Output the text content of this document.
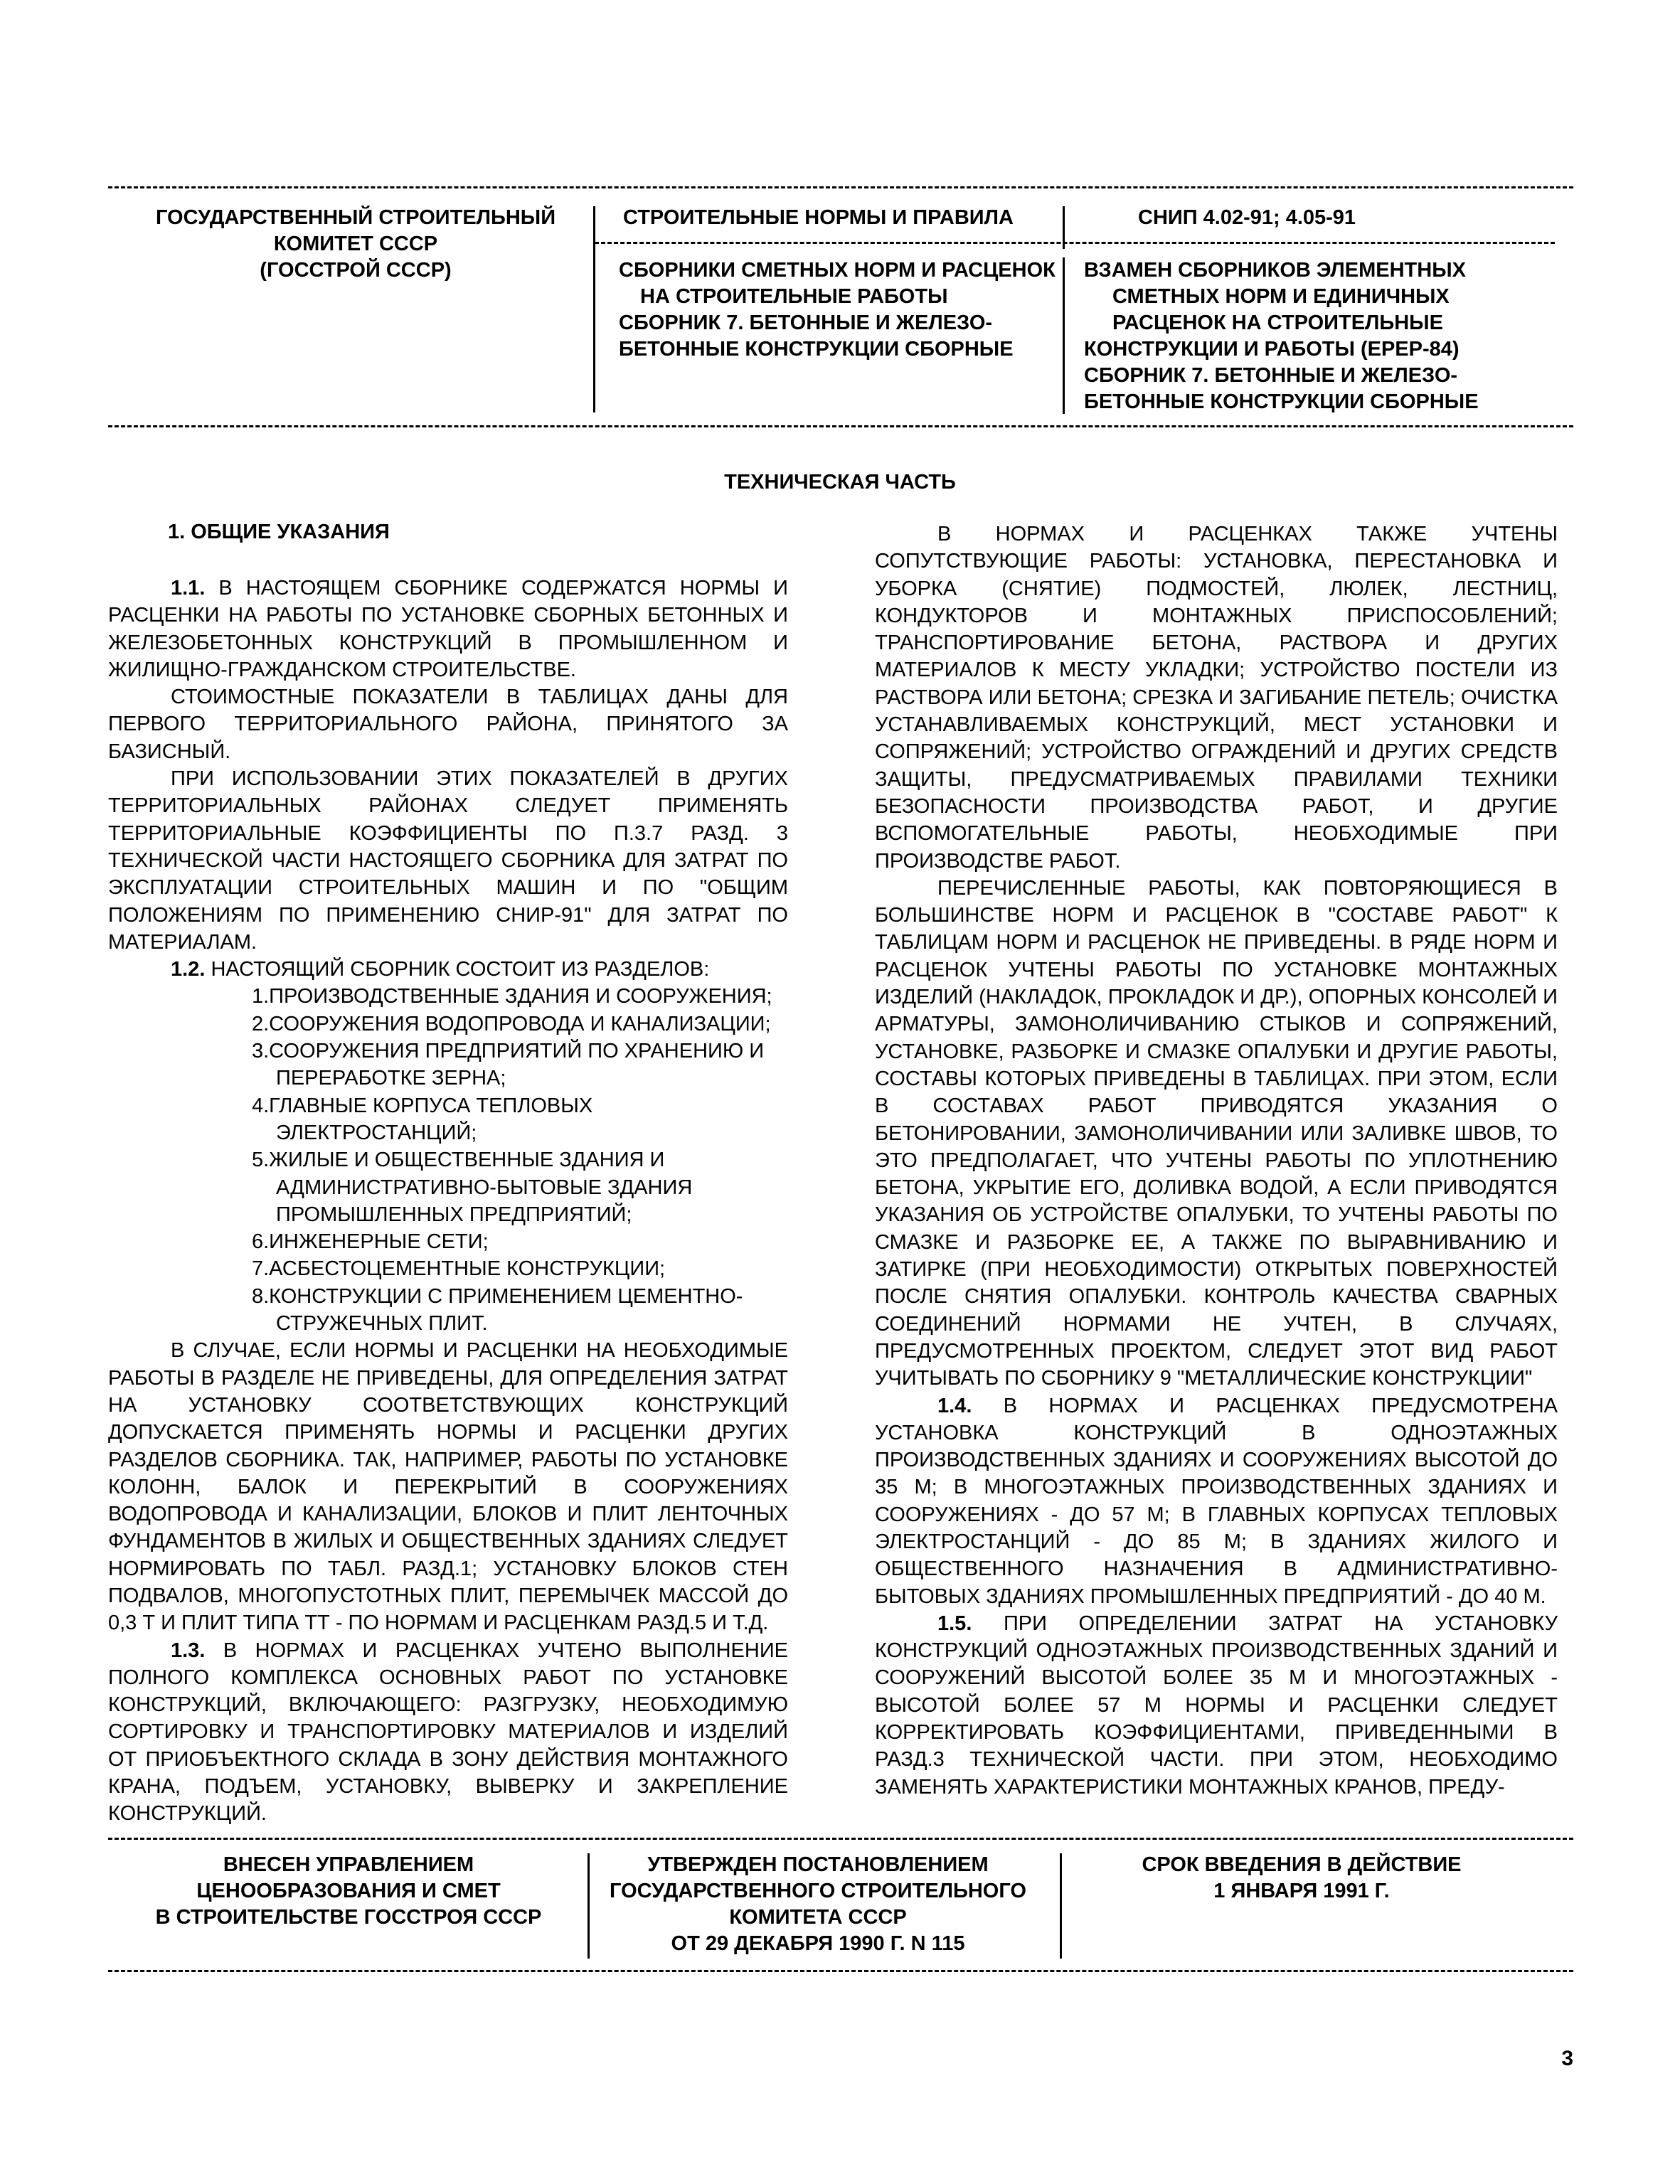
ГОСУДАРСТВЕННЫЙ СТРОИТЕЛЬНЫЙ
КОМИТЕТ СССР
(ГОССТРОЙ СССР)
СТРОИТЕЛЬНЫЕ НОРМЫ И ПРАВИЛА	СНИП 4.02-91; 4.05-91
СБОРНИКИ СМЕТНЫХ НОРМ И РАСЦЕНОК
НА СТРОИТЕЛЬНЫЕ РАБОТЫ
СБОРНИК 7. БЕТОННЫЕ И ЖЕЛЕЗО-
БЕТОННЫЕ КОНСТРУКЦИИ СБОРНЫЕ
ВЗАМЕН СБОРНИКОВ ЭЛЕМЕНТНЫХ
СМЕТНЫХ НОРМ И ЕДИНИЧНЫХ
РАСЦЕНОК НА СТРОИТЕЛЬНЫЕ
КОНСТРУКЦИИ И РАБОТЫ (ЕРЕР-84)
СБОРНИК 7. БЕТОННЫЕ И ЖЕЛЕЗО-
БЕТОННЫЕ КОНСТРУКЦИИ СБОРНЫЕ
ТЕХНИЧЕСКАЯ ЧАСТЬ
1. ОБЩИЕ УКАЗАНИЯ

1.1. В НАСТОЯЩЕМ СБОРНИКЕ СОДЕРЖАТСЯ НОРМЫ И РАСЦЕНКИ НА РАБОТЫ ПО УСТАНОВКЕ СБОРНЫХ БЕТОННЫХ И ЖЕЛЕЗОБЕТОННЫХ КОНСТРУКЦИЙ В ПРОМЫШЛЕННОМ И ЖИЛИЩНО-ГРАЖДАНСКОМ СТРОИТЕЛЬСТВЕ.

СТОИМОСТНЫЕ ПОКАЗАТЕЛИ В ТАБЛИЦАХ ДАНЫ ДЛЯ ПЕРВОГО ТЕРРИТОРИАЛЬНОГО РАЙОНА, ПРИНЯТОГО ЗА БАЗИСНЫЙ.

ПРИ ИСПОЛЬЗОВАНИИ ЭТИХ ПОКАЗАТЕЛЕЙ В ДРУГИХ ТЕРРИТОРИАЛЬНЫХ РАЙОНАХ СЛЕДУЕТ ПРИМЕНЯТЬ ТЕРРИТОРИАЛЬНЫЕ КОЭФФИЦИЕНТЫ ПО П.3.7 РАЗД. 3 ТЕХНИЧЕСКОЙ ЧАСТИ НАСТОЯЩЕГО СБОРНИКА ДЛЯ ЗАТРАТ ПО ЭКСПЛУАТАЦИИ СТРОИТЕЛЬНЫХ МАШИН И ПО "ОБЩИМ ПОЛОЖЕНИЯМ ПО ПРИМЕНЕНИЮ СНИР-91" ДЛЯ ЗАТРАТ ПО МАТЕРИАЛАМ.

1.2. НАСТОЯЩИЙ СБОРНИК СОСТОИТ ИЗ РАЗДЕЛОВ:

1.ПРОИЗВОДСТВЕННЫЕ ЗДАНИЯ И СООРУЖЕНИЯ;

2.СООРУЖЕНИЯ ВОДОПРОВОДА И КАНАЛИЗАЦИИ;

3.СООРУЖЕНИЯ ПРЕДПРИЯТИЙ ПО ХРАНЕНИЮ И ПЕРЕРАБОТКЕ ЗЕРНА;

4.ГЛАВНЫЕ КОРПУСА ТЕПЛОВЫХ ЭЛЕКТРОСТАНЦИЙ;

5.ЖИЛЫЕ И ОБЩЕСТВЕННЫЕ ЗДАНИЯ И АДМИНИСТРАТИВНО-БЫТОВЫЕ ЗДАНИЯ ПРОМЫШЛЕННЫХ ПРЕДПРИЯТИЙ;

6.ИНЖЕНЕРНЫЕ СЕТИ;

7.АСБЕСТОЦЕМЕНТНЫЕ КОНСТРУКЦИИ;

8.КОНСТРУКЦИИ С ПРИМЕНЕНИЕМ ЦЕМЕНТНО-СТРУЖЕЧНЫХ ПЛИТ.

В СЛУЧАЕ, ЕСЛИ НОРМЫ И РАСЦЕНКИ НА НЕОБХОДИМЫЕ РАБОТЫ В РАЗДЕЛЕ НЕ ПРИВЕДЕНЫ, ДЛЯ ОПРЕДЕЛЕНИЯ ЗАТРАТ НА УСТАНОВКУ СООТВЕТСТВУЮЩИХ КОНСТРУКЦИЙ ДОПУСКАЕТСЯ ПРИМЕНЯТЬ НОРМЫ И РАСЦЕНКИ ДРУГИХ РАЗДЕЛОВ СБОРНИКА. ТАК, НАПРИМЕР, РАБОТЫ ПО УСТАНОВКЕ КОЛОНН, БАЛОК И ПЕРЕКРЫТИЙ В СООРУЖЕНИЯХ ВОДОПРОВОДА И КАНАЛИЗАЦИИ, БЛОКОВ И ПЛИТ ЛЕНТОЧНЫХ ФУНДАМЕНТОВ В ЖИЛЫХ И ОБЩЕСТВЕННЫХ ЗДАНИЯХ СЛЕДУЕТ НОРМИРОВАТЬ ПО ТАБЛ. РАЗД.1; УСТАНОВКУ БЛОКОВ СТЕН ПОДВАЛОВ, МНОГОПУСТОТНЫХ ПЛИТ, ПЕРЕМЫЧЕК МАССОЙ ДО 0,3 Т И ПЛИТ ТИПА ТТ - ПО НОРМАМ И РАСЦЕНКАМ РАЗД.5 И Т.Д.

1.3. В НОРМАХ И РАСЦЕНКАХ УЧТЕНО ВЫПОЛНЕНИЕ ПОЛНОГО КОМПЛЕКСА ОСНОВНЫХ РАБОТ ПО УСТАНОВКЕ КОНСТРУКЦИЙ, ВКЛЮЧАЮЩЕГО: РАЗГРУЗКУ, НЕОБХОДИМУЮ СОРТИРОВКУ И ТРАНСПОРТИРОВКУ МАТЕРИАЛОВ И ИЗДЕЛИЙ ОТ ПРИОБЪЕКТНОГО СКЛАДА В ЗОНУ ДЕЙСТВИЯ МОНТАЖНОГО КРАНА, ПОДЪЕМ, УСТАНОВКУ, ВЫВЕРКУ И ЗАКРЕПЛЕНИЕ КОНСТРУКЦИЙ.

В НОРМАХ И РАСЦЕНКАХ ТАКЖЕ УЧТЕНЫ СОПУТСТВУЮЩИЕ РАБОТЫ: УСТАНОВКА, ПЕРЕСТАНОВКА И УБОРКА (СНЯТИЕ) ПОДМОСТЕЙ, ЛЮЛЕК, ЛЕСТНИЦ, КОНДУКТОРОВ И МОНТАЖНЫХ ПРИСПОСОБЛЕНИЙ; ТРАНСПОРТИРОВАНИЕ БЕТОНА, РАСТВОРА И ДРУГИХ МАТЕРИАЛОВ К МЕСТУ УКЛАДКИ; УСТРОЙСТВО ПОСТЕЛИ ИЗ РАСТВОРА ИЛИ БЕТОНА; СРЕЗКА И ЗАГИБАНИЕ ПЕТЕЛЬ; ОЧИСТКА УСТАНАВЛИВАЕМЫХ КОНСТРУКЦИЙ, МЕСТ УСТАНОВКИ И СОПРЯЖЕНИЙ; УСТРОЙСТВО ОГРАЖДЕНИЙ И ДРУГИХ СРЕДСТВ ЗАЩИТЫ, ПРЕДУСМАТРИВАЕМЫХ ПРАВИЛАМИ ТЕХНИКИ БЕЗОПАСНОСТИ ПРОИЗВОДСТВА РАБОТ, И ДРУГИЕ ВСПОМОГАТЕЛЬНЫЕ РАБОТЫ, НЕОБХОДИМЫЕ ПРИ ПРОИЗВОДСТВЕ РАБОТ.

ПЕРЕЧИСЛЕННЫЕ РАБОТЫ, КАК ПОВТОРЯЮЩИЕСЯ В БОЛЬШИНСТВЕ НОРМ И РАСЦЕНОК В "СОСТАВЕ РАБОТ" К ТАБЛИЦАМ НОРМ И РАСЦЕНОК НЕ ПРИВЕДЕНЫ. В РЯДЕ НОРМ И РАСЦЕНОК УЧТЕНЫ РАБОТЫ ПО УСТАНОВКЕ МОНТАЖНЫХ ИЗДЕЛИЙ (НАКЛАДОК, ПРОКЛАДОК И ДР.), ОПОРНЫХ КОНСОЛЕЙ И АРМАТУРЫ, ЗАМОНОЛИЧИВАНИЮ СТЫКОВ И СОПРЯЖЕНИЙ, УСТАНОВКЕ, РАЗБОРКЕ И СМАЗКЕ ОПАЛУБКИ И ДРУГИЕ РАБОТЫ, СОСТАВЫ КОТОРЫХ ПРИВЕДЕНЫ В ТАБЛИЦАХ. ПРИ ЭТОМ, ЕСЛИ В СОСТАВАХ РАБОТ ПРИВОДЯТСЯ УКАЗАНИЯ О БЕТОНИРОВАНИИ, ЗАМОНОЛИЧИВАНИИ ИЛИ ЗАЛИВКЕ ШВОВ, ТО ЭТО ПРЕДПОЛАГАЕТ, ЧТО УЧТЕНЫ РАБОТЫ ПО УПЛОТНЕНИЮ БЕТОНА, УКРЫТИЕ ЕГО, ДОЛИВКА ВОДОЙ, А ЕСЛИ ПРИВОДЯТСЯ УКАЗАНИЯ ОБ УСТРОЙСТВЕ ОПАЛУБКИ, ТО УЧТЕНЫ РАБОТЫ ПО СМАЗКЕ И РАЗБОРКЕ ЕЕ, А ТАКЖЕ ПО ВЫРАВНИВАНИЮ И ЗАТИРКЕ (ПРИ НЕОБХОДИМОСТИ) ОТКРЫТЫХ ПОВЕРХНОСТЕЙ ПОСЛЕ СНЯТИЯ ОПАЛУБКИ. КОНТРОЛЬ КАЧЕСТВА СВАРНЫХ СОЕДИНЕНИЙ НОРМАМИ НЕ УЧТЕН, В СЛУЧАЯХ, ПРЕДУСМОТРЕННЫХ ПРОЕКТОМ, СЛЕДУЕТ ЭТОТ ВИД РАБОТ УЧИТЫВАТЬ ПО СБОРНИКУ 9 "МЕТАЛЛИЧЕСКИЕ КОНСТРУКЦИИ"

1.4. В НОРМАХ И РАСЦЕНКАХ ПРЕДУСМОТРЕНА УСТАНОВКА КОНСТРУКЦИЙ В ОДНОЭТАЖНЫХ ПРОИЗВОДСТВЕННЫХ ЗДАНИЯХ И СООРУЖЕНИЯХ ВЫСОТОЙ ДО 35 М; В МНОГОЭТАЖНЫХ ПРОИЗВОДСТВЕННЫХ ЗДАНИЯХ И СООРУЖЕНИЯХ - ДО 57 М; В ГЛАВНЫХ КОРПУСАХ ТЕПЛОВЫХ ЭЛЕКТРОСТАНЦИЙ - ДО 85 М; В ЗДАНИЯХ ЖИЛОГО И ОБЩЕСТВЕННОГО НАЗНАЧЕНИЯ В АДМИНИСТРАТИВНО-БЫТОВЫХ ЗДАНИЯХ ПРОМЫШЛЕННЫХ ПРЕДПРИЯТИЙ - ДО 40 М.

1.5. ПРИ ОПРЕДЕЛЕНИИ ЗАТРАТ НА УСТАНОВКУ КОНСТРУКЦИЙ ОДНОЭТАЖНЫХ ПРОИЗВОДСТВЕННЫХ ЗДАНИЙ И СООРУЖЕНИЙ ВЫСОТОЙ БОЛЕЕ 35 М И МНОГОЭТАЖНЫХ - ВЫСОТОЙ БОЛЕЕ 57 М НОРМЫ И РАСЦЕНКИ СЛЕДУЕТ КОРРЕКТИРОВАТЬ КОЭФФИЦИЕНТАМИ, ПРИВЕДЕННЫМИ В РАЗД.3 ТЕХНИЧЕСКОЙ ЧАСТИ. ПРИ ЭТОМ, НЕОБХОДИМО ЗАМЕНЯТЬ ХАРАКТЕРИСТИКИ МОНТАЖНЫХ КРАНОВ, ПРЕДУ-

ВНЕСЕН УПРАВЛЕНИЕМ
ЦЕНООБРАЗОВАНИЯ И СМЕТ
В СТРОИТЕЛЬСТВЕ ГОССТРОЯ СССР
УТВЕРЖДЕН ПОСТАНОВЛЕНИЕМ
ГОСУДАРСТВЕННОГО СТРОИТЕЛЬНОГО
КОМИТЕТА СССР
ОТ 29 ДЕКАБРЯ 1990 Г. N 115
СРОК ВВЕДЕНИЯ В ДЕЙСТВИЕ
1 ЯНВАРЯ 1991 Г.
3
